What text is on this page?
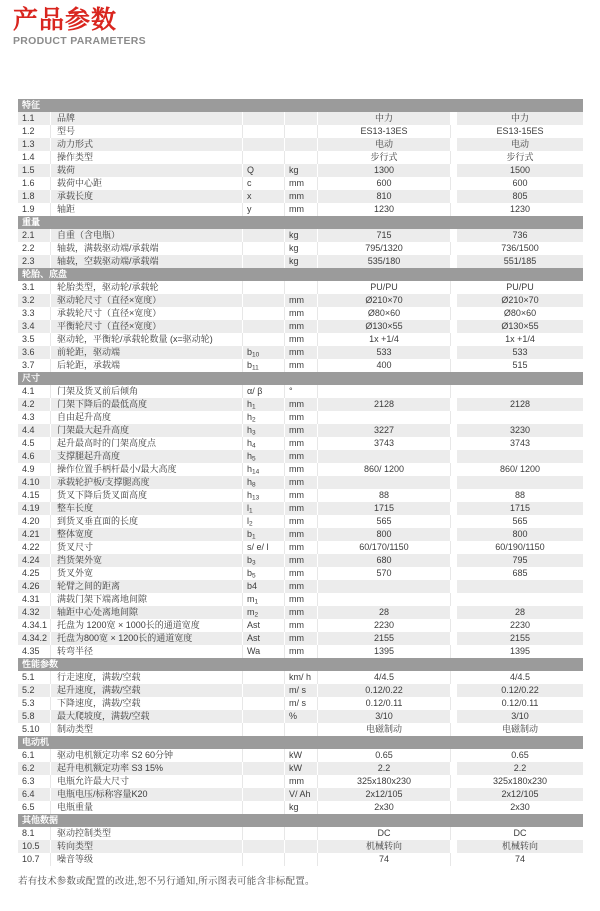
产品参数
PRODUCT PARAMETERS
特征
1.1	品牌	中力	中力
1.2	型号	ES13-13ES	ES13-15ES
1.3	动力形式	电动	电动
1.4	操作类型	步行式	步行式
1.5	载荷	Q	kg	1300	1500
1.6	载荷中心距	c	mm	600	600
1.8	承载长度	x	mm	810	805
1.9	轴距	y	mm	1230	1230
重量
2.1	自重（含电瓶）	kg	715	736
2.2	轴载，满载驱动端/承载端	kg	795/1320	736/1500
2.3	轴载，空载驱动端/承载端	kg	535/180	551/185
轮胎、底盘
3.1	轮胎类型，驱动轮/承载轮	PU/PU	PU/PU
3.2	驱动轮尺寸（直径×宽度）	mm	Ø210×70	Ø210×70
3.3	承载轮尺寸（直径×宽度）	mm	Ø80×60	Ø80×60
3.4	平衡轮尺寸（直径×宽度）	mm	Ø130×55	Ø130×55
3.5	驱动轮，平衡轮/承载轮数量 (x=驱动轮)	mm	1x +1/4	1x +1/4
3.6	前轮距，驱动端	$b_{10}$	mm	533	533
3.7	后轮距，承载端	$b_{11}$	mm	400	515
尺寸
4.1	门架及货叉前后倾角	α/ β	°
4.2	门架下降后的最低高度	$h_1$	mm	2128	2128
4.3	自由起升高度	$h_2$	mm
4.4	门架最大起升高度	$h_3$	mm	3227	3230
4.5	起升最高时的门架高度点	$h_4$	mm	3743	3743
4.6	支撑腿起升高度	$h_5$	mm
4.9	操作位置手柄杆最小/最大高度	$h_{14}$	mm	860/ 1200	860/ 1200
4.10	承载轮护板/支撑腿高度	$h_8$	mm
4.15	货叉下降后货叉面高度	$h_{13}$	mm	88	88
4.19	整车长度	$l_1$	mm	1715	1715
4.20	到货叉垂直面的长度	$l_2$	mm	565	565
4.21	整体宽度	$b_1$	mm	800	800
4.22	货叉尺寸	s/ e/ l	mm	60/170/1150	60/190/1150
4.24	挡货架外宽	$b_3$	mm	680	795
4.25	货叉外宽	$b_5$	mm	570	685
4.26	轮臂之间的距离	b4	mm
4.31	满载门架下端离地间隙	$m_1$	mm
4.32	轴距中心处离地间隙	$m_2$	mm	28	28
4.34.1	托盘为 1200宽 × 1000长的通道宽度	Ast	mm	2230	2230
4.34.2	托盘为800宽 × 1200长的通道宽度	Ast	mm	2155	2155
4.35	转弯半径	Wa	mm	1395	1395
性能参数
5.1	行走速度，满载/空载	km/ h	4/4.5	4/4.5
5.2	起升速度，满载/空载	m/ s	0.12/0.22	0.12/0.22
5.3	下降速度，满载/空载	m/ s	0.12/0.11	0.12/0.11
5.8	最大爬坡度，满载/空载	%	3/10	3/10
5.10	制动类型	电磁制动	电磁制动
电动机
6.1	驱动电机额定功率 S2 60分钟	kW	0.65	0.65
6.2	起升电机额定功率 S3 15%	kW	2.2	2.2
6.3	电瓶允许最大尺寸	mm	325x180x230	325x180x230
6.4	电瓶电压/标称容量K20	V/ Ah	2x12/105	2x12/105
6.5	电瓶重量	kg	2x30	2x30
其他数据
8.1	驱动控制类型	DC	DC
10.5	转向类型	机械转向	机械转向
10.7	噪音等级	74	74
若有技术参数或配置的改进,恕不另行通知,所示图表可能含非标配置。
